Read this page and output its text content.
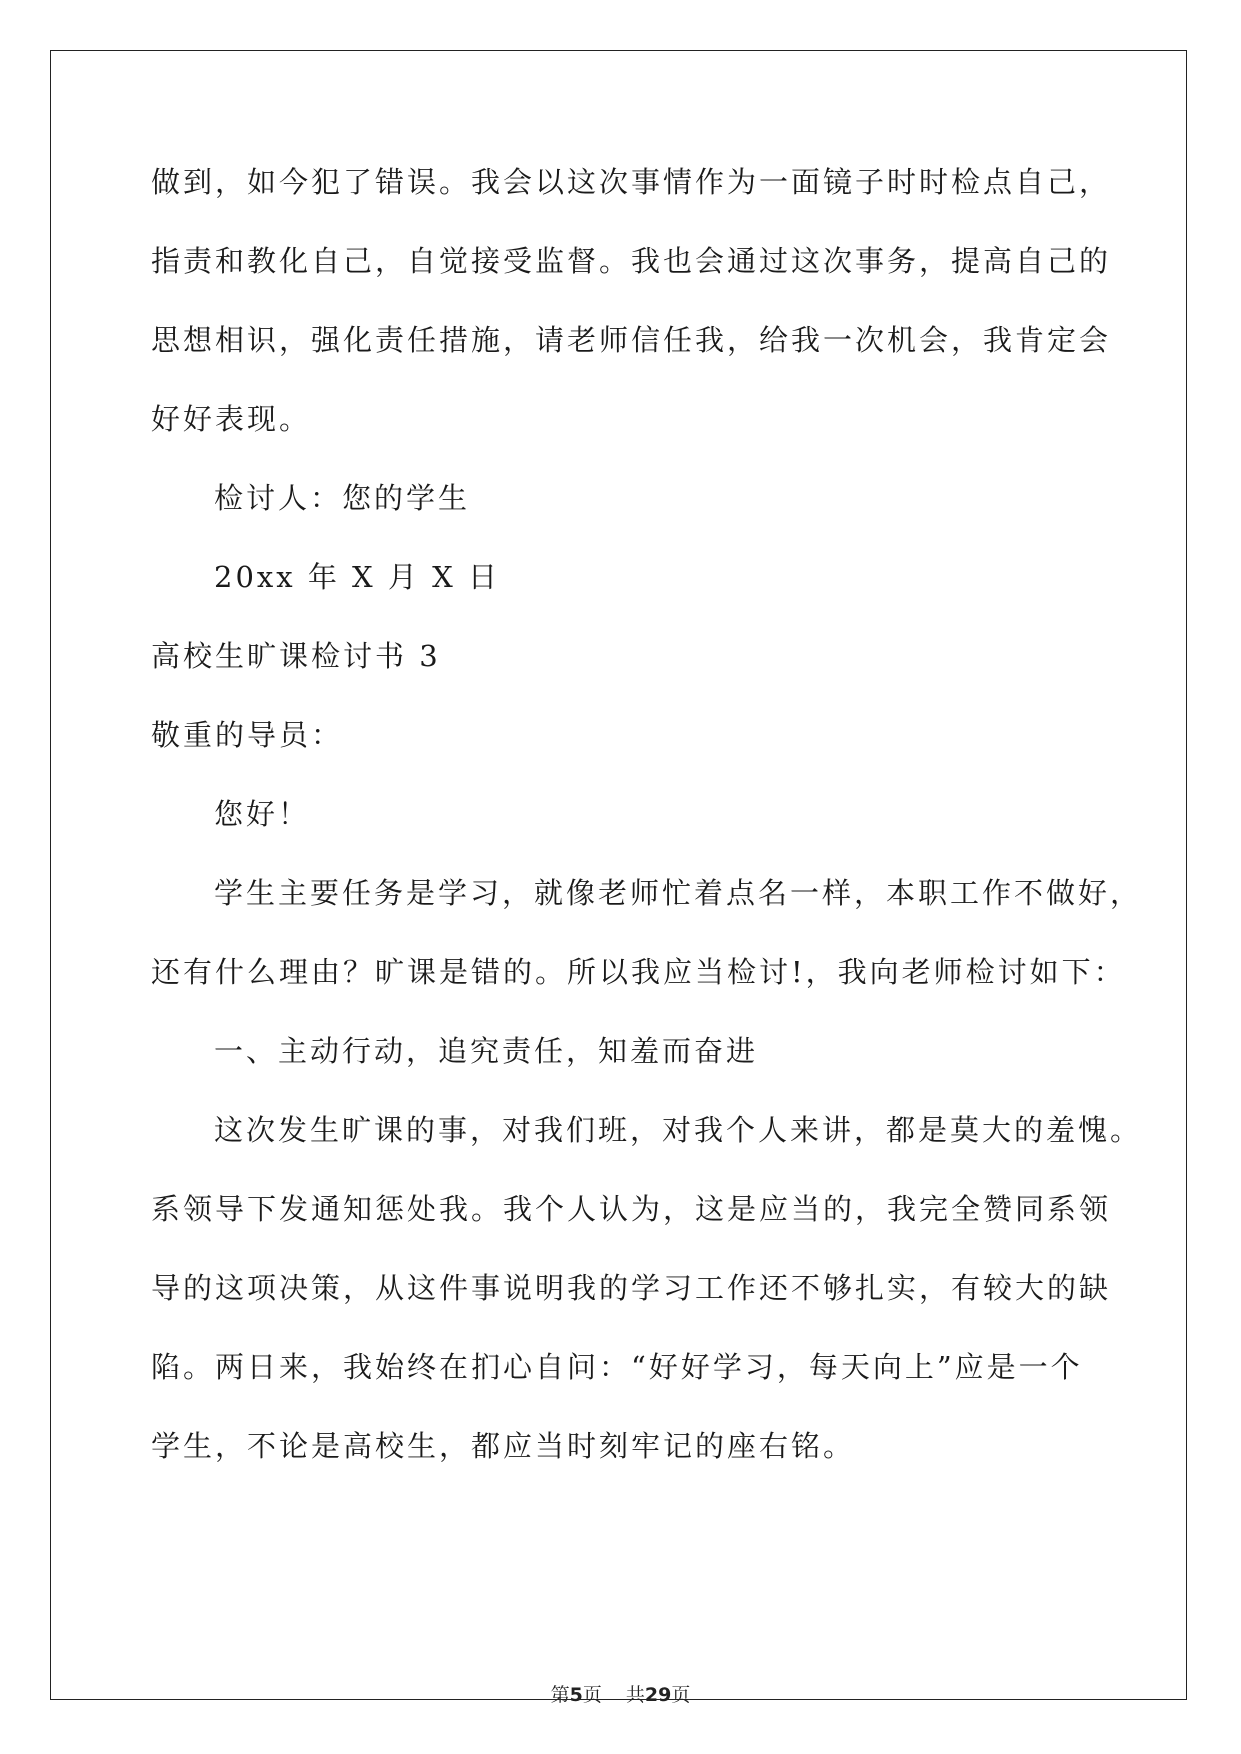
做到，如今犯了错误。我会以这次事情作为一面镜子时时检点自己，
指责和教化自己，自觉接受监督。我也会通过这次事务，提高自己的
思想相识，强化责任措施，请老师信任我，给我一次机会，我肯定会
好好表现。
检讨人：您的学生
20xx 年 X 月 X 日
高校生旷课检讨书 3
敬重的导员：
您好！
学生主要任务是学习，就像老师忙着点名一样，本职工作不做好，
还有什么理由？旷课是错的。所以我应当检讨!，我向老师检讨如下：
一、主动行动，追究责任，知羞而奋进
这次发生旷课的事，对我们班，对我个人来讲，都是莫大的羞愧。
系领导下发通知惩处我。我个人认为，这是应当的，我完全赞同系领
导的这项决策，从这件事说明我的学习工作还不够扎实，有较大的缺
陷。两日来，我始终在扪心自问：“好好学习，每天向上”应是一个
学生，不论是高校生，都应当时刻牢记的座右铭。
第5页 共29页
